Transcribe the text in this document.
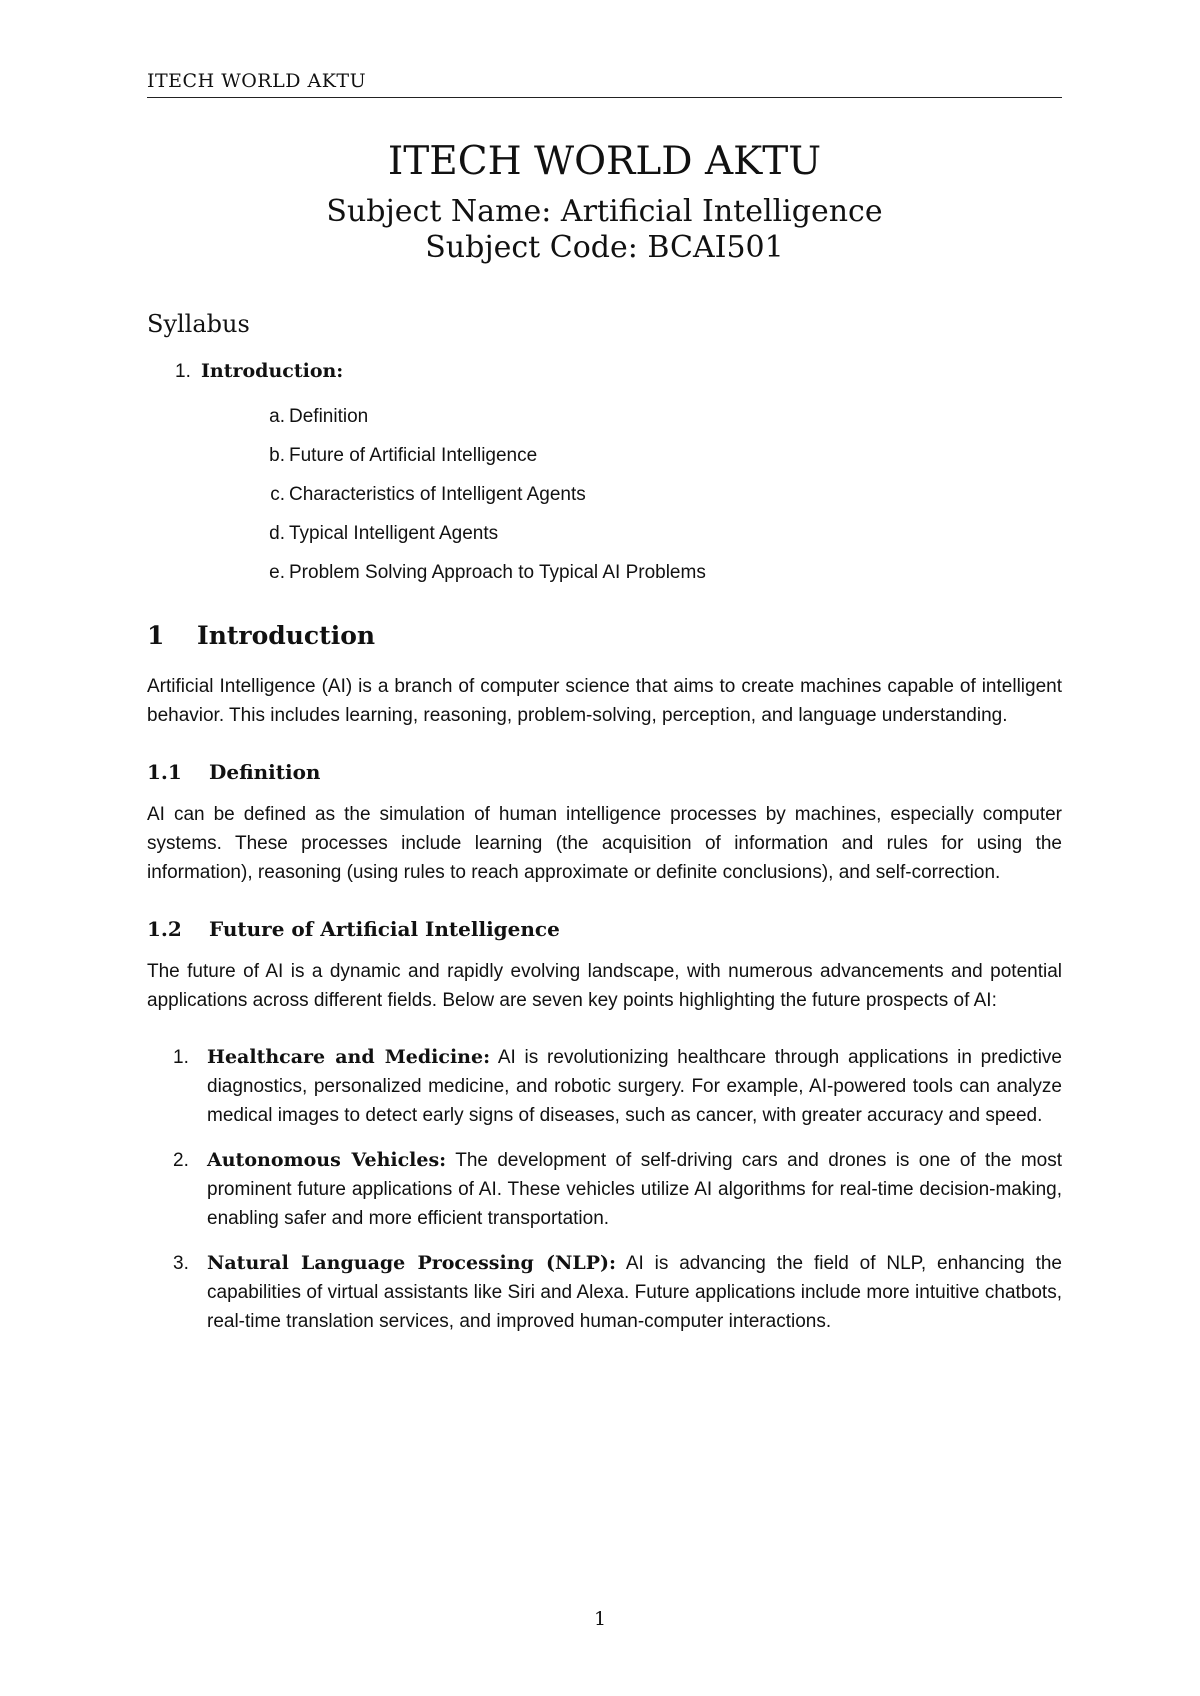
ITECH WORLD AKTU
ITECH WORLD AKTU
Subject Name: Artificial Intelligence
Subject Code: BCAI501
Syllabus
1. Introduction:
a. Definition
b. Future of Artificial Intelligence
c. Characteristics of Intelligent Agents
d. Typical Intelligent Agents
e. Problem Solving Approach to Typical AI Problems
1 Introduction

Artificial Intelligence (AI) is a branch of computer science that aims to create machines capable of intelligent behavior. This includes learning, reasoning, problem-solving, perception, and language understanding.

1.1 Definition

AI can be defined as the simulation of human intelligence processes by machines, especially computer systems. These processes include learning (the acquisition of information and rules for using the information), reasoning (using rules to reach approximate or definite conclusions), and self-correction.

1.2 Future of Artificial Intelligence

The future of AI is a dynamic and rapidly evolving landscape, with numerous advancements and potential applications across different fields. Below are seven key points highlighting the future prospects of AI:

1. Healthcare and Medicine: AI is revolutionizing healthcare through applications in predictive diagnostics, personalized medicine, and robotic surgery. For example, AI-powered tools can analyze medical images to detect early signs of diseases, such as cancer, with greater accuracy and speed.
2. Autonomous Vehicles: The development of self-driving cars and drones is one of the most prominent future applications of AI. These vehicles utilize AI algorithms for real-time decision-making, enabling safer and more efficient transportation.
3. Natural Language Processing (NLP): AI is advancing the field of NLP, enhancing the capabilities of virtual assistants like Siri and Alexa. Future applications include more intuitive chatbots, real-time translation services, and improved human-computer interactions.
1
